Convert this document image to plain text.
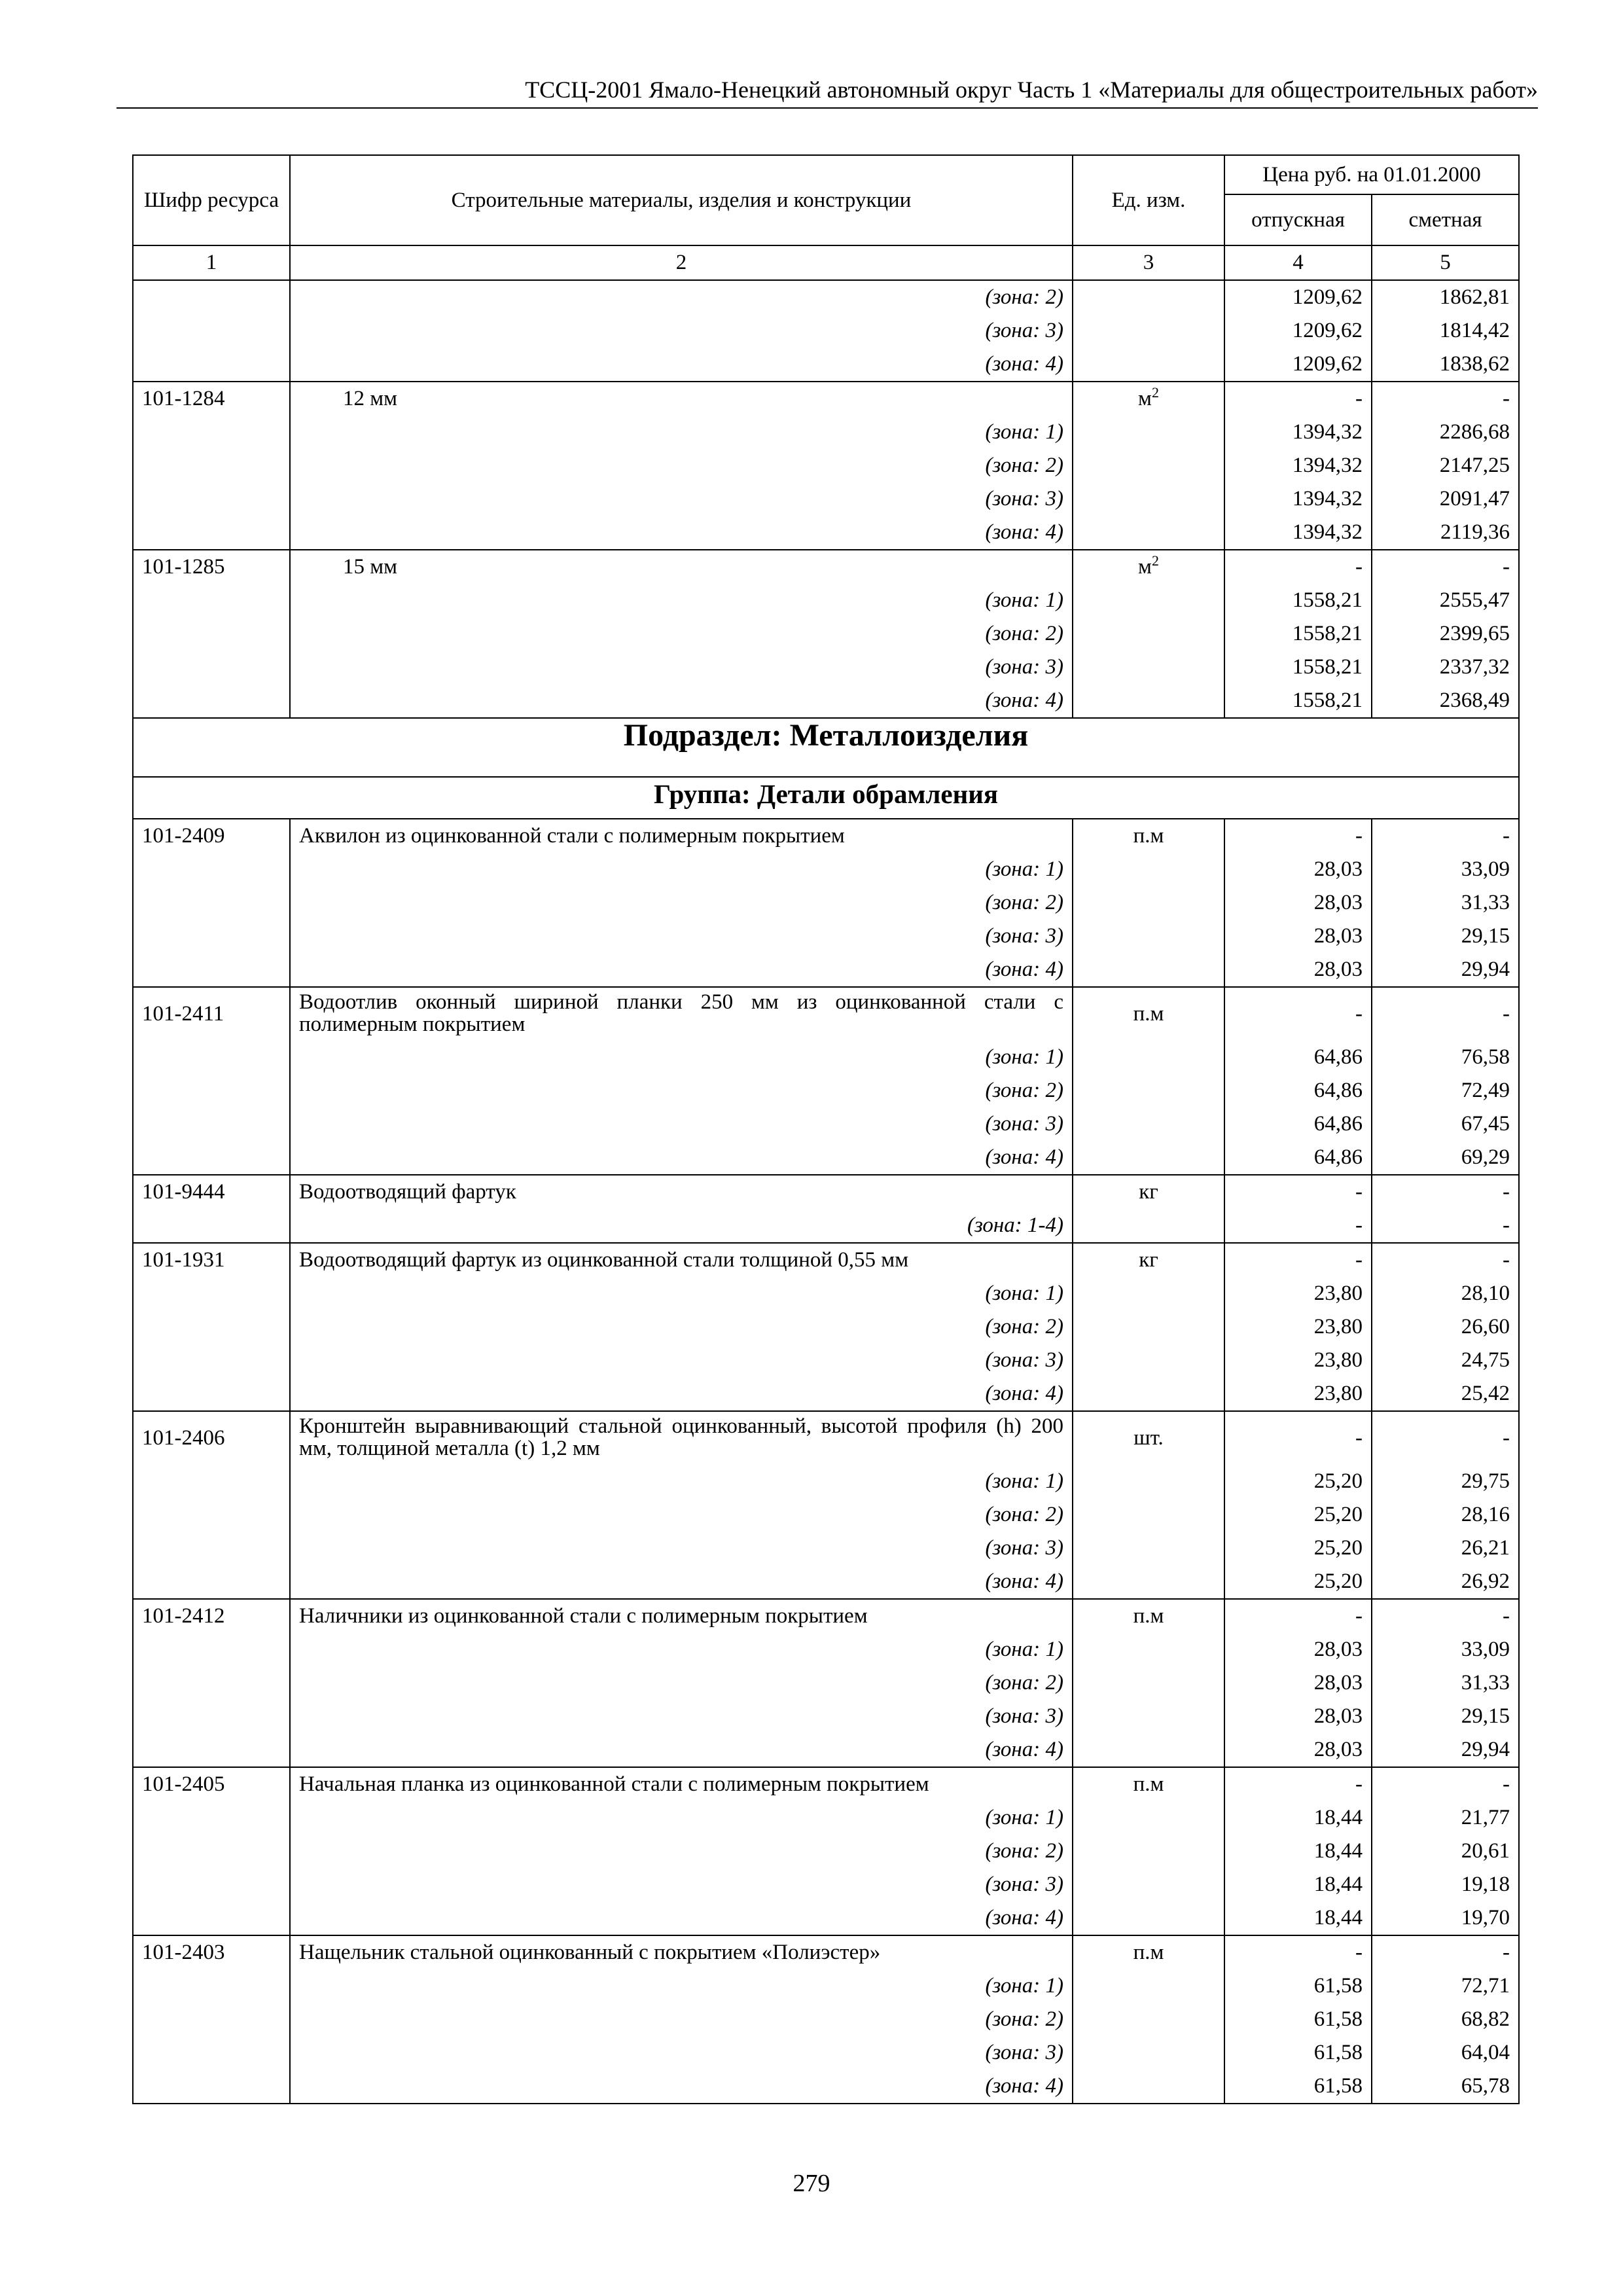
ТССЦ-2001 Ямало-Ненецкий автономный округ Часть 1 «Материалы для общестроительных работ»
Шифр ресурса	Строительные материалы, изделия и конструкции	Ед. изм.	Цена руб. на 01.01.2000	
			отпускная	сметная
1	2	3	4	5
	(зона: 2)		1209,62	1862,81
	(зона: 3)		1209,62	1814,42
	(зона: 4)		1209,62	1838,62
101-1284	12 мм	$м^2$	-	-
	(зона: 1)		1394,32	2286,68
	(зона: 2)		1394,32	2147,25
	(зона: 3)		1394,32	2091,47
	(зона: 4)		1394,32	2119,36
101-1285	15 мм	$м^2$	-	-
	(зона: 1)		1558,21	2555,47
	(зона: 2)		1558,21	2399,65
	(зона: 3)		1558,21	2337,32
	(зона: 4)		1558,21	2368,49
Подраздел: Металлоизделия				
Группа: Детали обрамления				
101-2409	Аквилон из оцинкованной стали с полимерным покрытием	п.м	-	-
	(зона: 1)		28,03	33,09
	(зона: 2)		28,03	31,33
	(зона: 3)		28,03	29,15
	(зона: 4)		28,03	29,94
101-2411	Водоотлив оконный шириной планки 250 мм из оцинкованной стали с полимерным покрытием	п.м	-	-
	(зона: 1)		64,86	76,58
	(зона: 2)		64,86	72,49
	(зона: 3)		64,86	67,45
	(зона: 4)		64,86	69,29
101-9444	Водоотводящий фартук	кг	-	-
	(зона: 1-4)		-	-
101-1931	Водоотводящий фартук из оцинкованной стали толщиной 0,55 мм	кг	-	-
	(зона: 1)		23,80	28,10
	(зона: 2)		23,80	26,60
	(зона: 3)		23,80	24,75
	(зона: 4)		23,80	25,42
101-2406	Кронштейн выравнивающий стальной оцинкованный, высотой профиля (h) 200 мм, толщиной металла (t) 1,2 мм	шт.	-	-
	(зона: 1)		25,20	29,75
	(зона: 2)		25,20	28,16
	(зона: 3)		25,20	26,21
	(зона: 4)		25,20	26,92
101-2412	Наличники из оцинкованной стали с полимерным покрытием	п.м	-	-
	(зона: 1)		28,03	33,09
	(зона: 2)		28,03	31,33
	(зона: 3)		28,03	29,15
	(зона: 4)		28,03	29,94
101-2405	Начальная планка из оцинкованной стали с полимерным покрытием	п.м	-	-
	(зона: 1)		18,44	21,77
	(зона: 2)		18,44	20,61
	(зона: 3)		18,44	19,18
	(зона: 4)		18,44	19,70
101-2403	Нащельник стальной оцинкованный с покрытием «Полиэстер»	п.м	-	-
	(зона: 1)		61,58	72,71
	(зона: 2)		61,58	68,82
	(зона: 3)		61,58	64,04
	(зона: 4)		61,58	65,78
279
